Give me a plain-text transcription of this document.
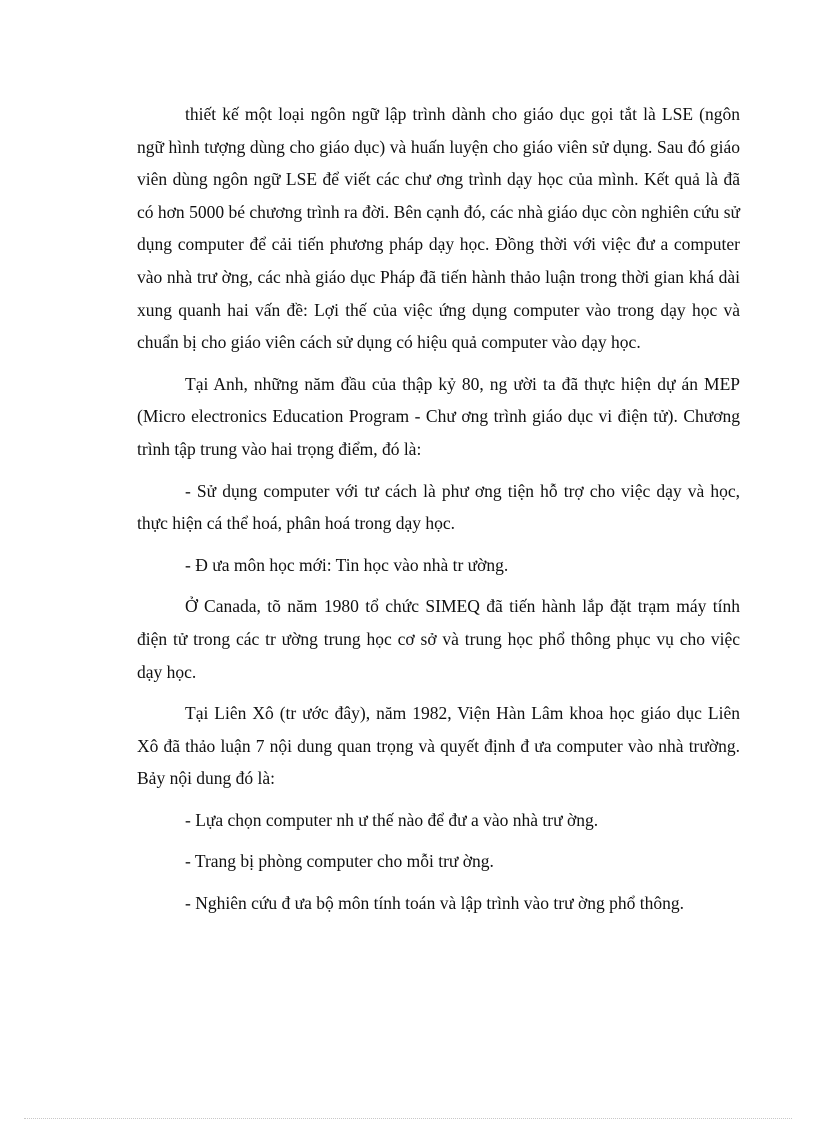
thiết kế một loại ngôn ngữ lập trình dành cho giáo dục gọi tắt là LSE (ngôn ngữ hình tượng dùng cho giáo dục) và huấn luyện cho giáo viên sử dụng. Sau đó giáo viên dùng ngôn ngữ LSE để viết các chư ơng trình dạy học của mình. Kết quả là đã có hơn 5000 bé chương trình ra đời. Bên cạnh đó, các nhà giáo dục còn nghiên cứu sử dụng computer để cải tiến phương pháp dạy học. Đồng thời với việc đư a computer vào nhà trư ờng, các nhà giáo dục Pháp đã tiến hành thảo luận trong thời gian khá dài xung quanh hai vấn đề: Lợi thế của việc ứng dụng computer vào trong dạy học và chuẩn bị cho giáo viên cách sử dụng có hiệu quả computer vào dạy học.

Tại Anh, những năm đầu của thập kỷ 80, ng ười ta đã thực hiện dự án MEP (Micro electronics Education Program - Chư ơng trình giáo dục vi điện tử). Chương trình tập trung vào hai trọng điểm, đó là:

- Sử dụng computer với tư cách là phư ơng tiện hỗ trợ cho việc dạy và học, thực hiện cá thể hoá, phân hoá trong dạy học.

- Đ ưa môn học mới: Tin học vào nhà tr ường.

Ở Canada, tõ năm 1980 tổ chức SIMEQ đã tiến hành lắp đặt trạm máy tính điện tử trong các tr ường trung học cơ sở và trung học phổ thông phục vụ cho việc dạy học.

Tại Liên Xô (tr ước đây), năm 1982, Viện Hàn Lâm khoa học giáo dục Liên Xô đã thảo luận 7 nội dung quan trọng và quyết định đ ưa computer vào nhà trường. Bảy nội dung đó là:

- Lựa chọn computer nh ư thế nào để đư a vào nhà trư ờng.

- Trang bị phòng computer cho mỗi trư ờng.

- Nghiên cứu đ ưa bộ môn tính toán và lập trình vào trư ờng phổ thông.
